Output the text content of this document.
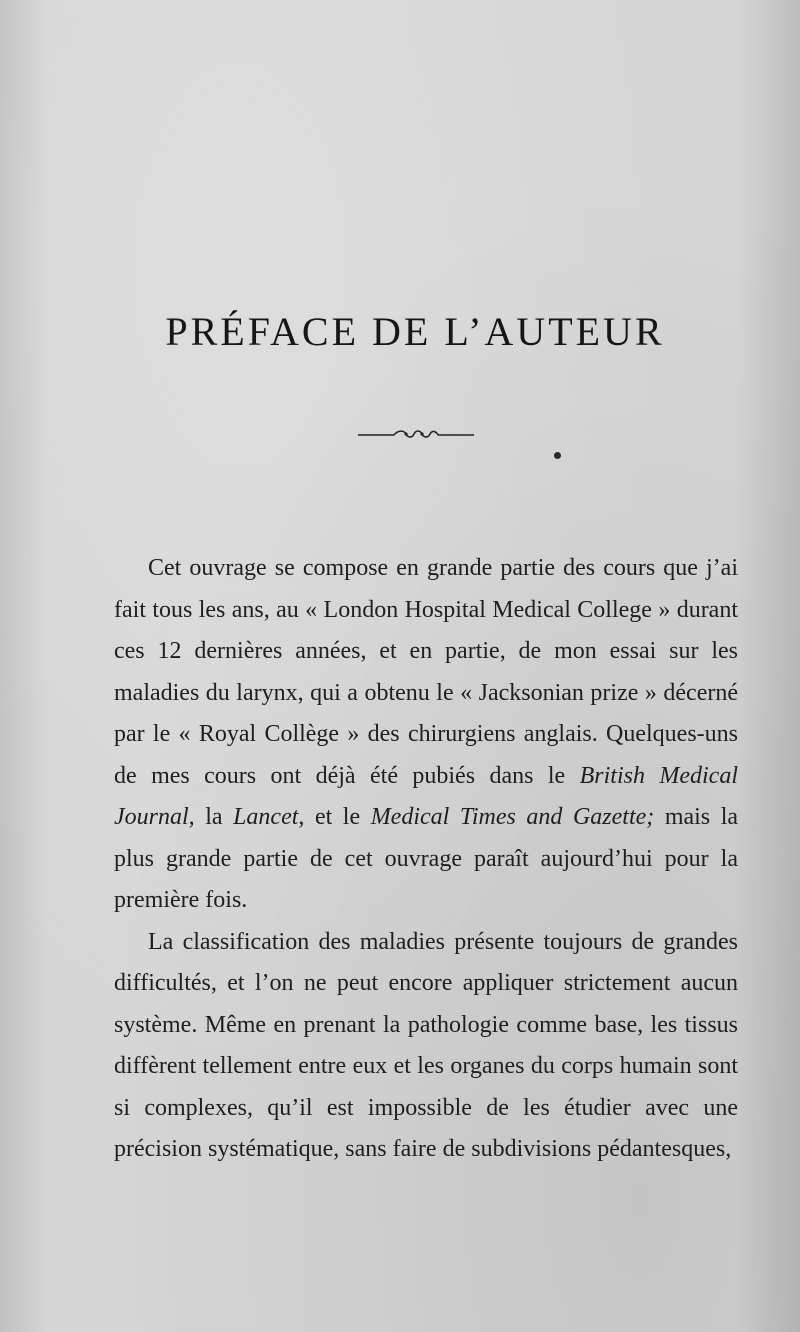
PRÉFACE DE L’AUTEUR

Cet ouvrage se compose en grande partie des cours que j’ai fait tous les ans, au « London Hospital Medical College » durant ces 12 dernières années, et en partie, de mon essai sur les maladies du larynx, qui a obtenu le « Jacksonian prize » décerné par le « Royal Collège » des chirurgiens anglais. Quelques-uns de mes cours ont déjà été pubiés dans le British Medical Journal, la Lancet, et le Medical Times and Gazette; mais la plus grande partie de cet ouvrage paraît aujourd’hui pour la première fois.

La classification des maladies présente toujours de grandes difficultés, et l’on ne peut encore appliquer strictement aucun système. Même en prenant la pathologie comme base, les tissus diffèrent tellement entre eux et les organes du corps humain sont si complexes, qu’il est impossible de les étudier avec une précision systématique, sans faire de subdivisions pédantesques,
